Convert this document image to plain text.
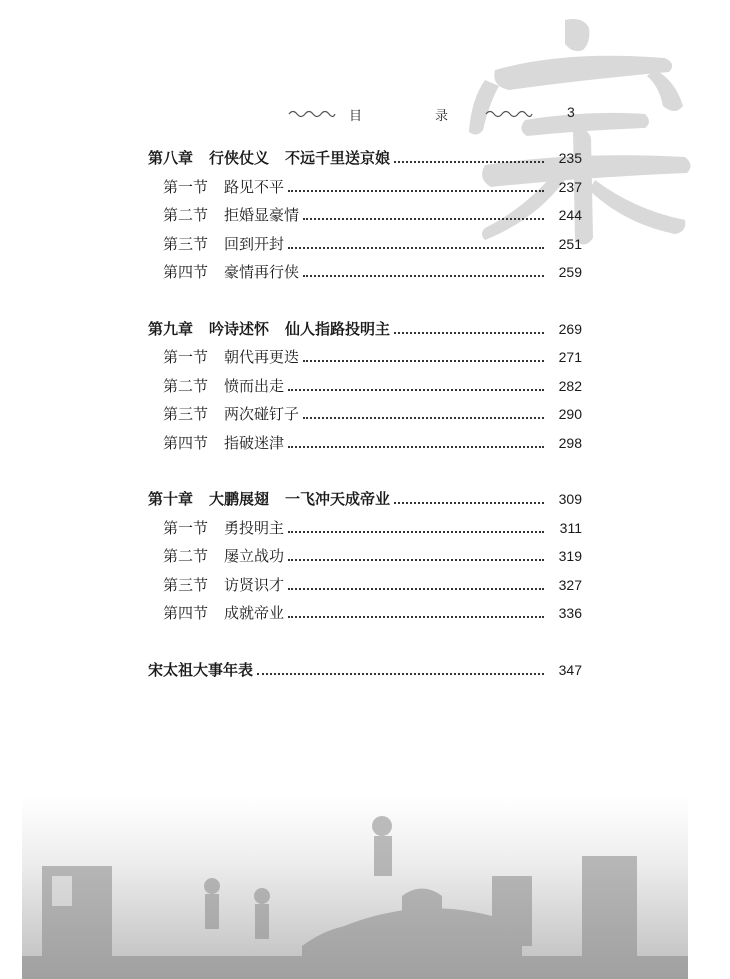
目　录	3
第八章 行侠仗义 不远千里送京娘	235
第一节 路见不平	237
第二节 拒婚显豪情	244
第三节 回到开封	251
第四节 豪情再行侠	259
第九章 吟诗述怀 仙人指路投明主	269
第一节 朝代再更迭	271
第二节 愤而出走	282
第三节 两次碰钉子	290
第四节 指破迷津	298
第十章 大鹏展翅 一飞冲天成帝业	309
第一节 勇投明主	311
第二节 屡立战功	319
第三节 访贤识才	327
第四节 成就帝业	336
宋太祖大事年表	347
